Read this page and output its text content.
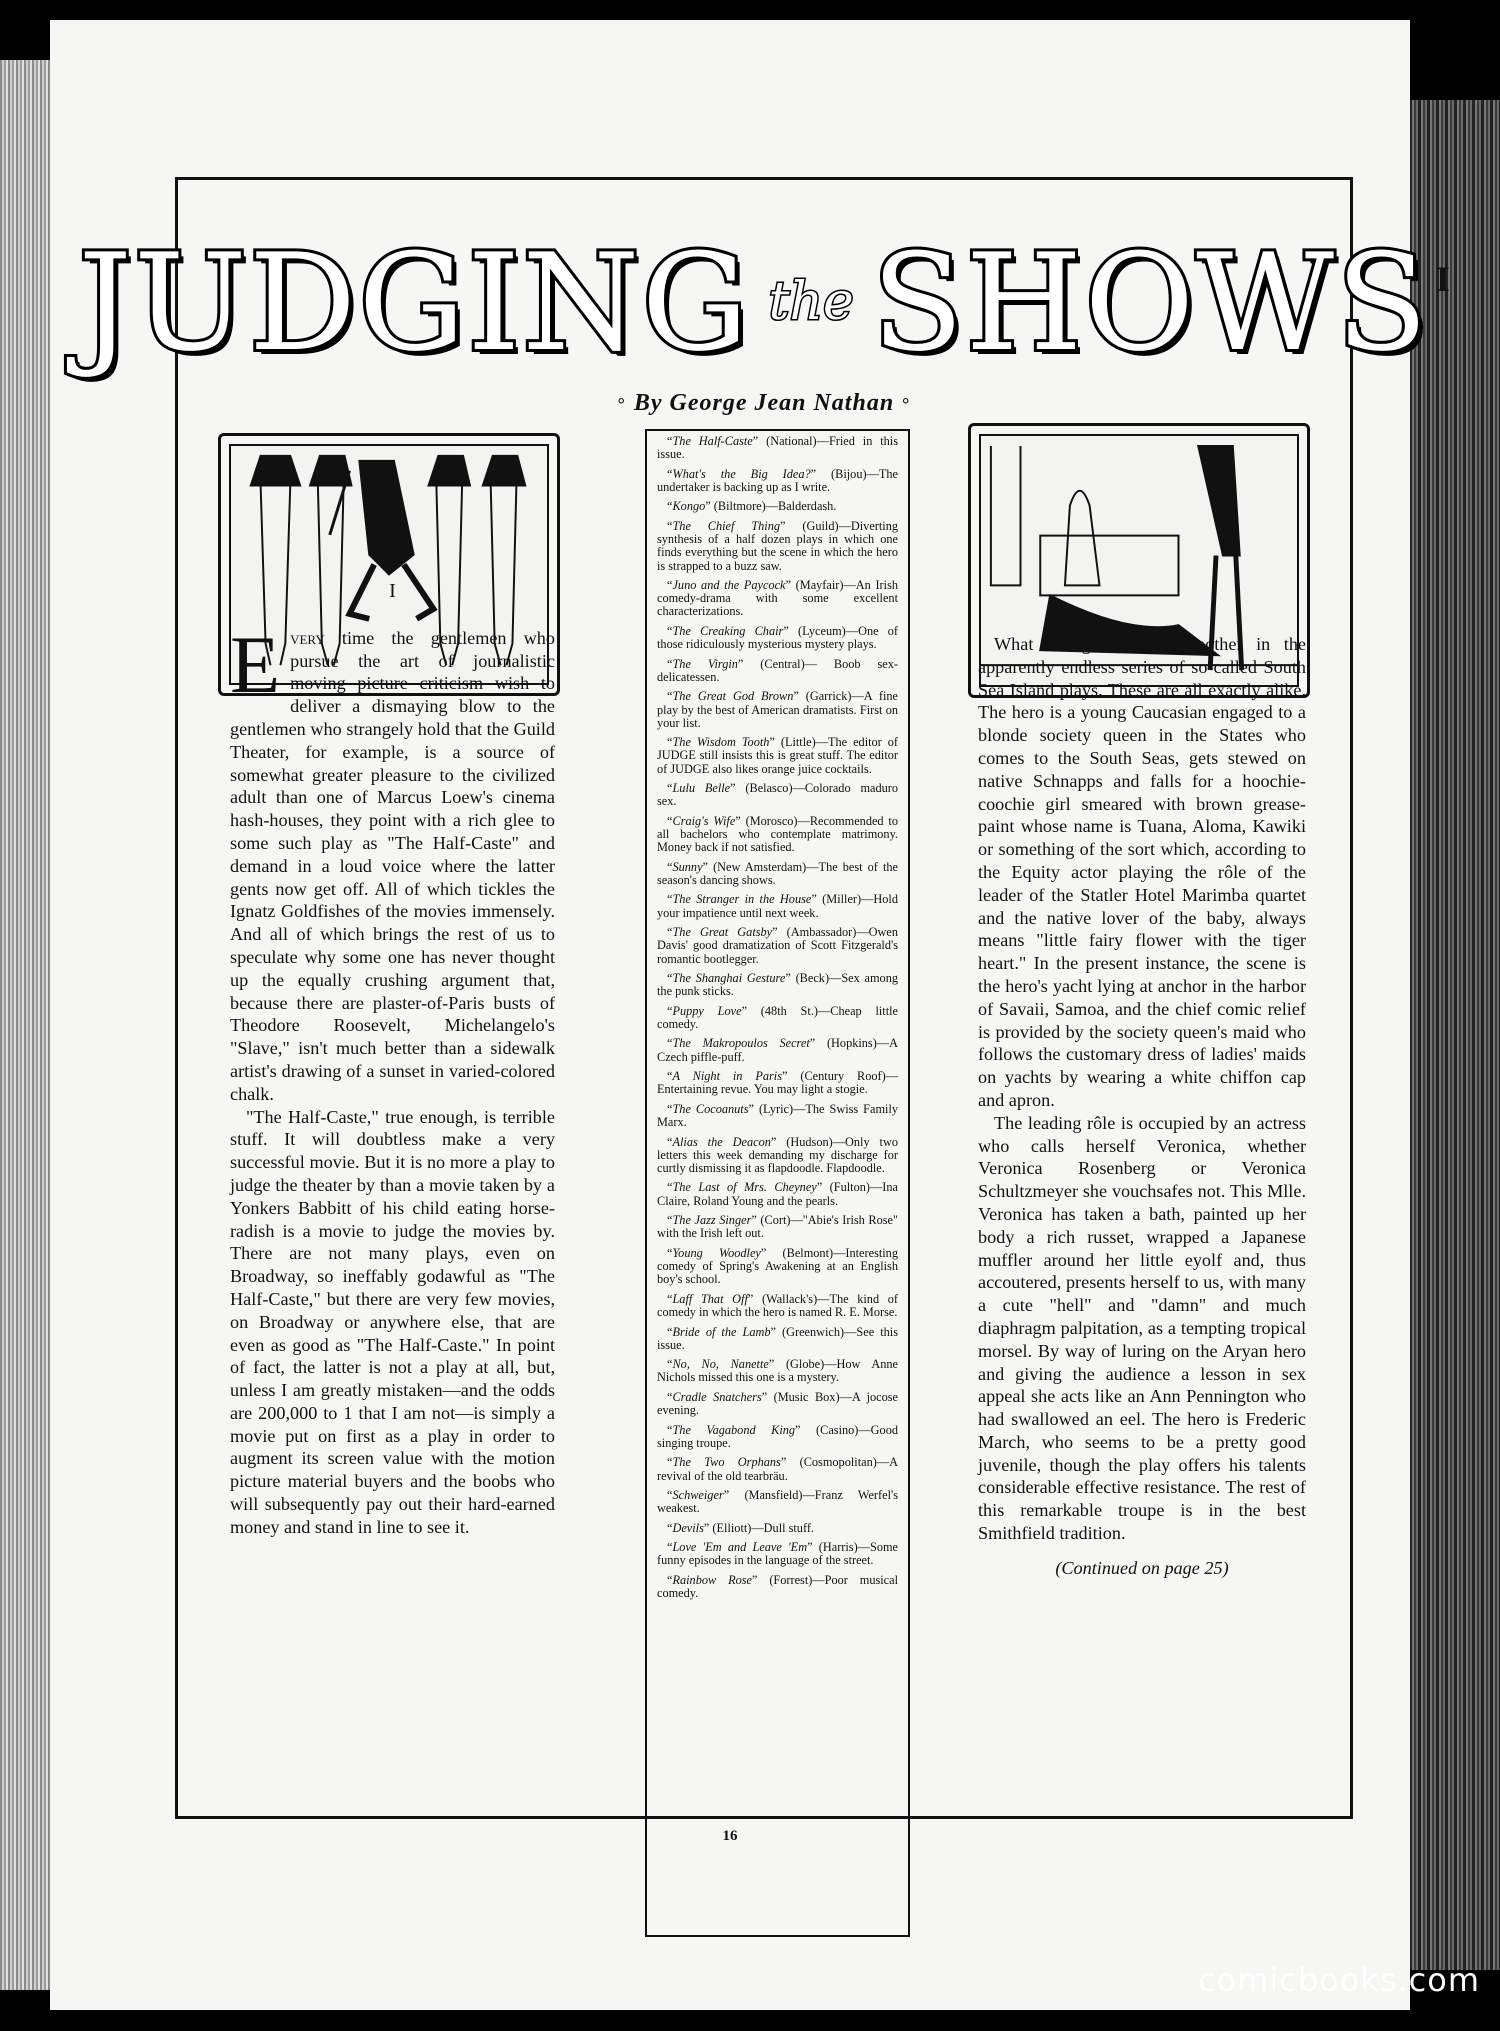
JUDGING the SHOWS I
° By George Jean Nathan °
I

Every time the gentlemen who pursue the art of journalistic moving picture criticism wish to deliver a dismaying blow to the gentlemen who strangely hold that the Guild Theater, for example, is a source of somewhat greater pleasure to the civilized adult than one of Marcus Loew's cinema hash-houses, they point with a rich glee to some such play as "The Half-Caste" and demand in a loud voice where the latter gents now get off. All of which tickles the Ignatz Goldfishes of the movies immensely. And all of which brings the rest of us to speculate why some one has never thought up the equally crushing argument that, because there are plaster-of-Paris busts of Theodore Roosevelt, Michelangelo's "Slave," isn't much better than a sidewalk artist's drawing of a sunset in varied-colored chalk.

"The Half-Caste," true enough, is terrible stuff. It will doubtless make a very successful movie. But it is no more a play to judge the theater by than a movie taken by a Yonkers Babbitt of his child eating horse-radish is a movie to judge the movies by. There are not many plays, even on Broadway, so ineffably godawful as "The Half-Caste," but there are very few movies, on Broadway or anywhere else, that are even as good as "The Half-Caste." In point of fact, the latter is not a play at all, but, unless I am greatly mistaken—and the odds are 200,000 to 1 that I am not—is simply a movie put on first as a play in order to augment its screen value with the motion picture material buyers and the boobs who will subsequently pay out their hard-earned money and stand in line to see it.

“The Half-Caste” (National)—Fried in this issue.

“What's the Big Idea?” (Bijou)—The undertaker is backing up as I write.

“Kongo” (Biltmore)—Balderdash.

“The Chief Thing” (Guild)—Diverting synthesis of a half dozen plays in which one finds everything but the scene in which the hero is strapped to a buzz saw.

“Juno and the Paycock” (Mayfair)—An Irish comedy-drama with some excellent characterizations.

“The Creaking Chair” (Lyceum)—One of those ridiculously mysterious mystery plays.

“The Virgin” (Central)— Boob sex-delicatessen.

“The Great God Brown” (Garrick)—A fine play by the best of American dramatists. First on your list.

“The Wisdom Tooth” (Little)—The editor of JUDGE still insists this is great stuff. The editor of JUDGE also likes orange juice cocktails.

“Lulu Belle” (Belasco)—Colorado maduro sex.

“Craig's Wife” (Morosco)—Recommended to all bachelors who contemplate matrimony. Money back if not satisfied.

“Sunny” (New Amsterdam)—The best of the season's dancing shows.

“The Stranger in the House” (Miller)—Hold your impatience until next week.

“The Great Gatsby” (Ambassador)—Owen Davis' good dramatization of Scott Fitzgerald's romantic bootlegger.

“The Shanghai Gesture” (Beck)—Sex among the punk sticks.

“Puppy Love” (48th St.)—Cheap little comedy.

“The Makropoulos Secret” (Hopkins)—A Czech piffle-puff.

“A Night in Paris” (Century Roof)—Entertaining revue. You may light a stogie.

“The Cocoanuts” (Lyric)—The Swiss Family Marx.

“Alias the Deacon” (Hudson)—Only two letters this week demanding my discharge for curtly dismissing it as flapdoodle. Flapdoodle.

“The Last of Mrs. Cheyney” (Fulton)—Ina Claire, Roland Young and the pearls.

“The Jazz Singer” (Cort)—"Abie's Irish Rose" with the Irish left out.

“Young Woodley” (Belmont)—Interesting comedy of Spring's Awakening at an English boy's school.

“Laff That Off” (Wallack's)—The kind of comedy in which the hero is named R. E. Morse.

“Bride of the Lamb” (Greenwich)—See this issue.

“No, No, Nanette” (Globe)—How Anne Nichols missed this one is a mystery.

“Cradle Snatchers” (Music Box)—A jocose evening.

“The Vagabond King” (Casino)—Good singing troupe.

“The Two Orphans” (Cosmopolitan)—A revival of the old tearbräu.

“Schweiger” (Mansfield)—Franz Werfel's weakest.

“Devils” (Elliott)—Dull stuff.

“Love 'Em and Leave 'Em” (Harris)—Some funny episodes in the language of the street.

“Rainbow Rose” (Forrest)—Poor musical comedy.

What we get here is another in the apparently endless series of so-called South Sea Island plays. These are all exactly alike. The hero is a young Caucasian engaged to a blonde society queen in the States who comes to the South Seas, gets stewed on native Schnapps and falls for a hoochie-coochie girl smeared with brown grease-paint whose name is Tuana, Aloma, Kawiki or something of the sort which, according to the Equity actor playing the rôle of the leader of the Statler Hotel Marimba quartet and the native lover of the baby, always means "little fairy flower with the tiger heart." In the present instance, the scene is the hero's yacht lying at anchor in the harbor of Savaii, Samoa, and the chief comic relief is provided by the society queen's maid who follows the customary dress of ladies' maids on yachts by wearing a white chiffon cap and apron.

The leading rôle is occupied by an actress who calls herself Veronica, whether Veronica Rosenberg or Veronica Schultzmeyer she vouchsafes not. This Mlle. Veronica has taken a bath, painted up her body a rich russet, wrapped a Japanese muffler around her little eyolf and, thus accoutered, presents herself to us, with many a cute "hell" and "damn" and much diaphragm palpitation, as a tempting tropical morsel. By way of luring on the Aryan hero and giving the audience a lesson in sex appeal she acts like an Ann Pennington who had swallowed an eel. The hero is Frederic March, who seems to be a pretty good juvenile, though the play offers his talents considerable effective resistance. The rest of this remarkable troupe is in the best Smithfield tradition.

(Continued on page 25)

16
comicbooks.com
